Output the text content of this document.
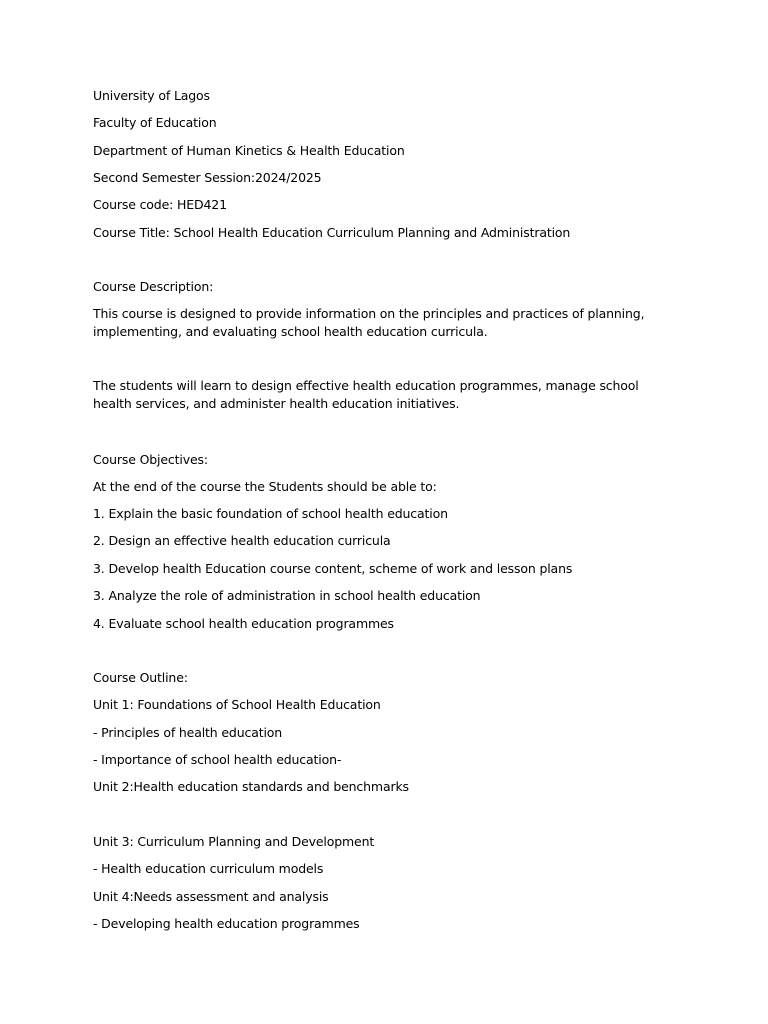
University of Lagos

Faculty of Education

Department of Human Kinetics & Health Education

Second Semester Session:2024/2025

Course code: HED421

Course Title: School Health Education Curriculum Planning and Administration

Course Description:

This course is designed to provide information on the principles and practices of planning, implementing, and evaluating school health education curricula.

The students will learn to design effective health education programmes, manage school health services, and administer health education initiatives.

Course Objectives:

At the end of the course the Students should be able to:

1. Explain the basic foundation of school health education

2. Design an effective health education curricula

3. Develop health Education course content, scheme of work and lesson plans

3. Analyze the role of administration in school health education

4. Evaluate school health education programmes

Course Outline:

Unit 1: Foundations of School Health Education

- Principles of health education

- Importance of school health education-

Unit 2:Health education standards and benchmarks

Unit 3: Curriculum Planning and Development

- Health education curriculum models

Unit 4:Needs assessment and analysis

- Developing health education programmes
